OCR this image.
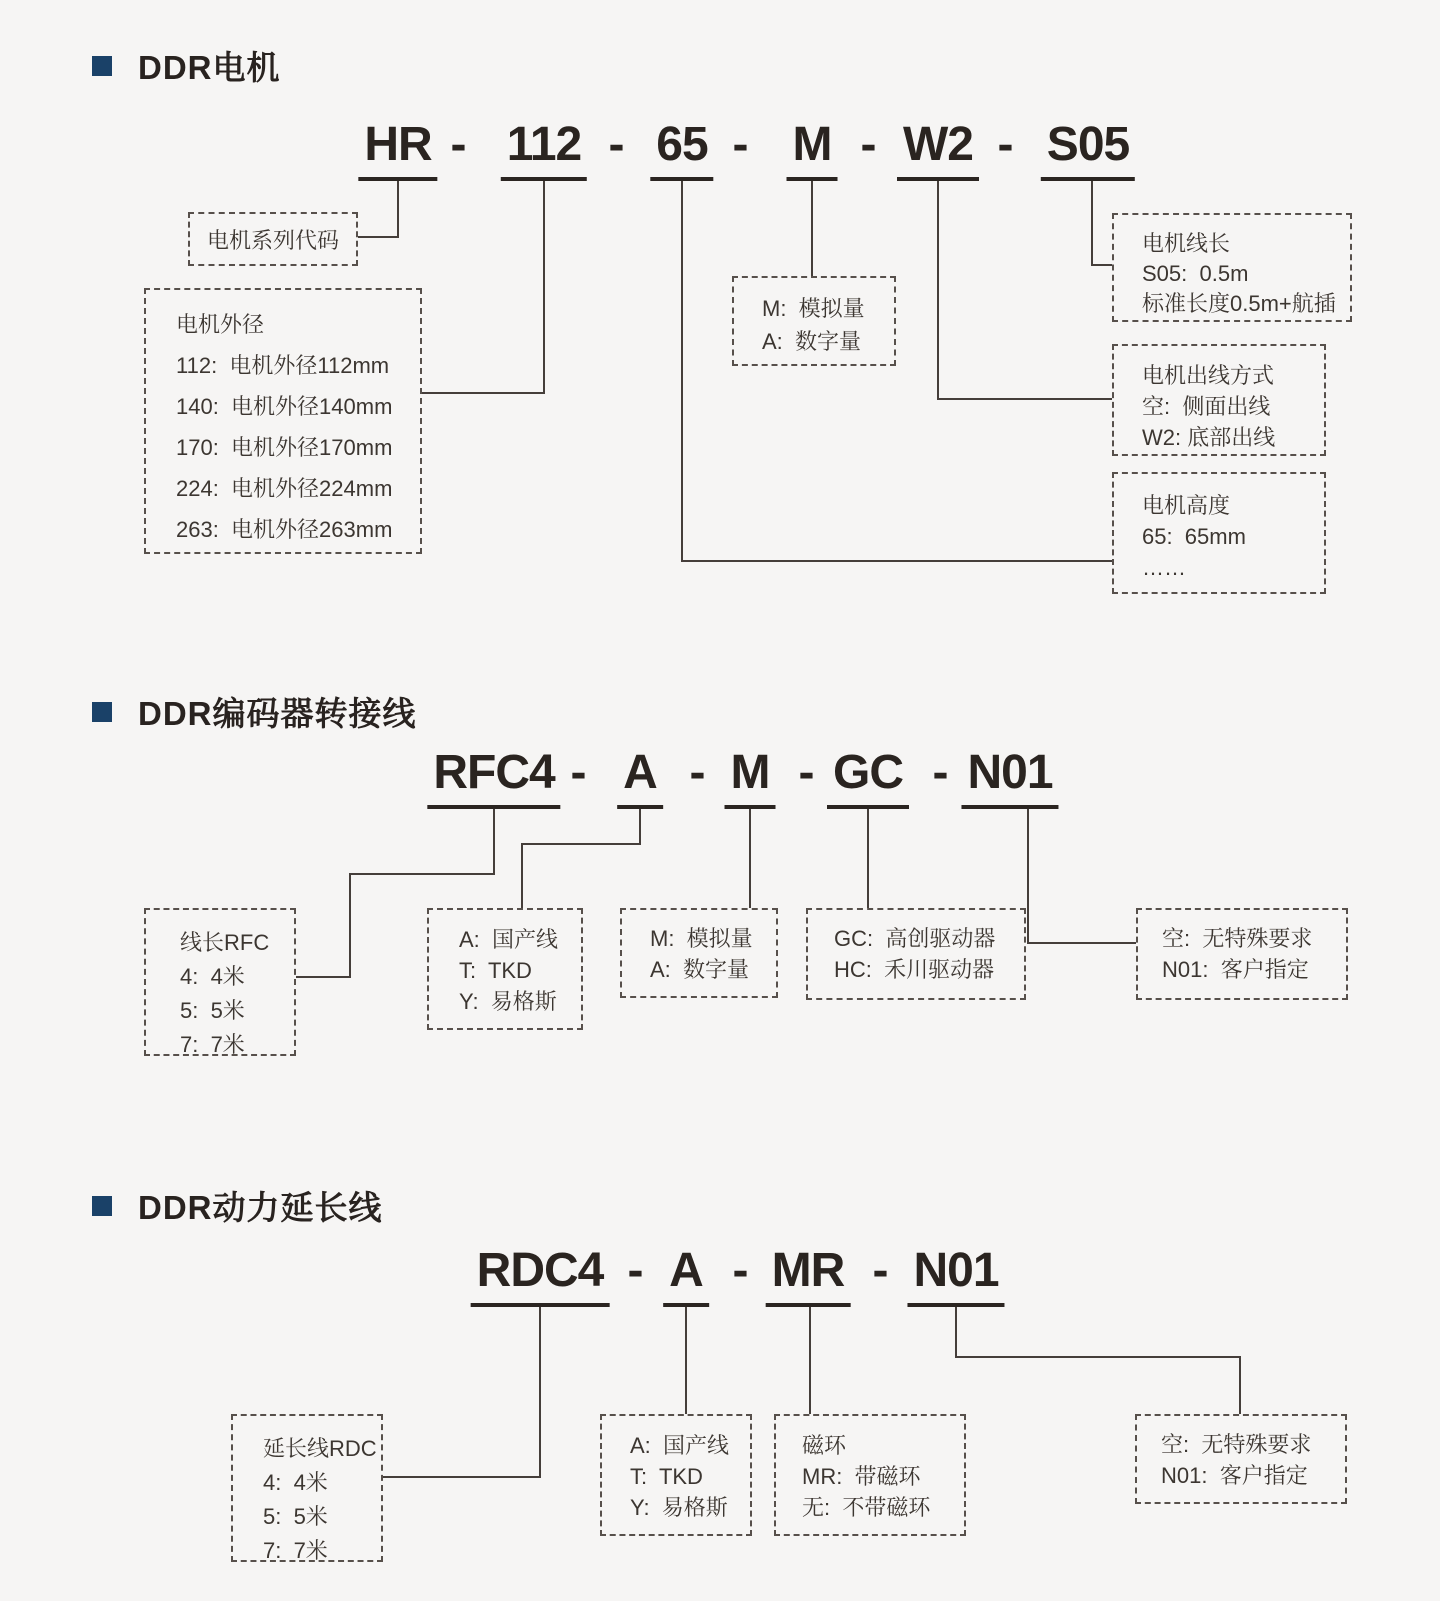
DDR电机
HR - 112 - 65 - M - W2 - S05
电机系列代码
电机外径
112:  电机外径112mm
140:  电机外径140mm
170:  电机外径170mm
224:  电机外径224mm
263:  电机外径263mm
M:  模拟量
A:  数字量
电机线长
S05:  0.5m
标准长度0.5m+航插
电机出线方式
空:  侧面出线
W2: 底部出线
电机高度
65:  65mm
……
DDR编码器转接线
RFC4 - A - M - GC - N01
线长RFC
4:  4米
5:  5米
7:  7米
A:  国产线
T:  TKD
Y:  易格斯
M:  模拟量
A:  数字量
GC:  高创驱动器
HC:  禾川驱动器
空:  无特殊要求
N01:  客户指定
DDR动力延长线
RDC4 - A - MR - N01
延长线RDC
4:  4米
5:  5米
7:  7米
A:  国产线
T:  TKD
Y:  易格斯
磁环
MR:  带磁环
无:  不带磁环
空:  无特殊要求
N01:  客户指定
